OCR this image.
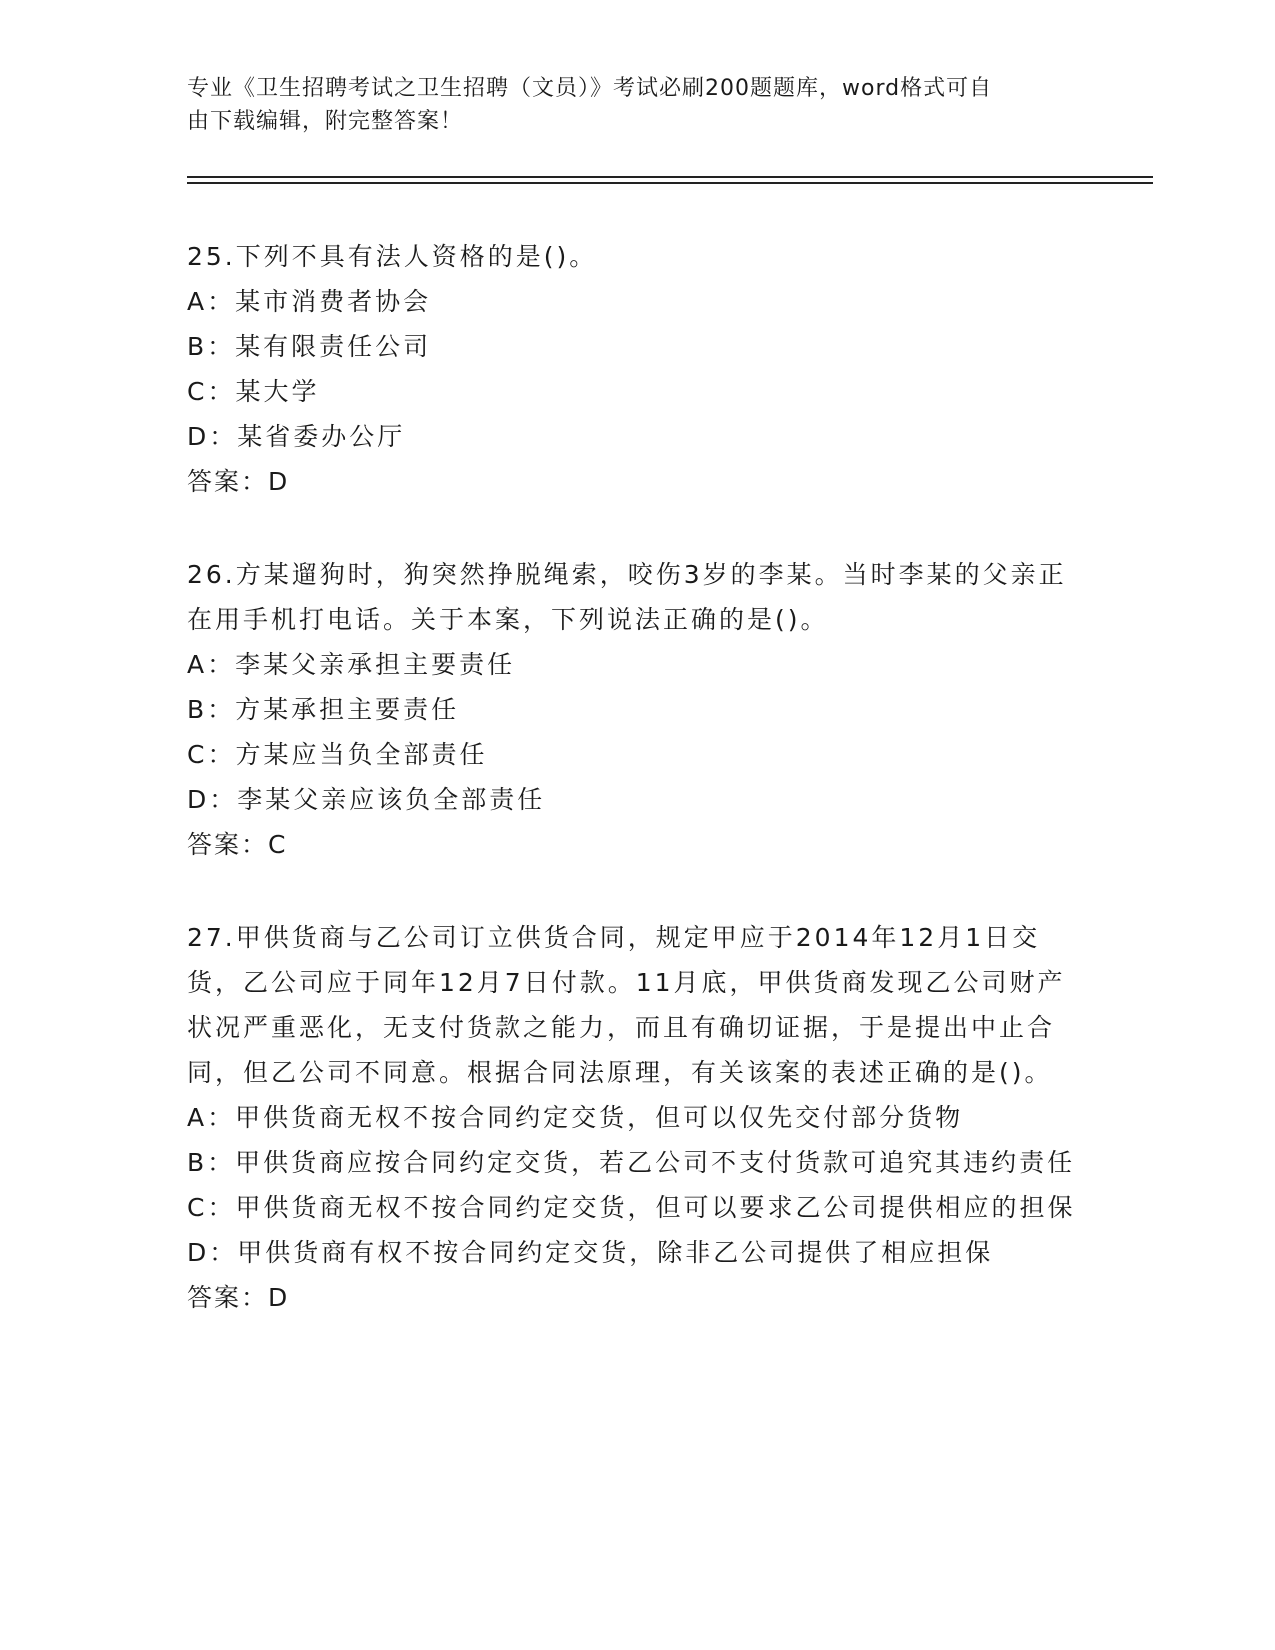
专业《卫生招聘考试之卫生招聘（文员）》考试必刷200题题库，word格式可自
由下载编辑，附完整答案！

25.下列不具有法人资格的是()。

A：某市消费者协会

B：某有限责任公司

C：某大学

D：某省委办公厅

答案：D

26.方某遛狗时，狗突然挣脱绳索，咬伤3岁的李某。当时李某的父亲正在用手机打电话。关于本案，下列说法正确的是()。

A：李某父亲承担主要责任

B：方某承担主要责任

C：方某应当负全部责任

D：李某父亲应该负全部责任

答案：C

27.甲供货商与乙公司订立供货合同，规定甲应于2014年12月1日交货，乙公司应于同年12月7日付款。11月底，甲供货商发现乙公司财产状况严重恶化，无支付货款之能力，而且有确切证据，于是提出中止合同，但乙公司不同意。根据合同法原理，有关该案的表述正确的是()。

A：甲供货商无权不按合同约定交货，但可以仅先交付部分货物

B：甲供货商应按合同约定交货，若乙公司不支付货款可追究其违约责任

C：甲供货商无权不按合同约定交货，但可以要求乙公司提供相应的担保

D：甲供货商有权不按合同约定交货，除非乙公司提供了相应担保

答案：D
